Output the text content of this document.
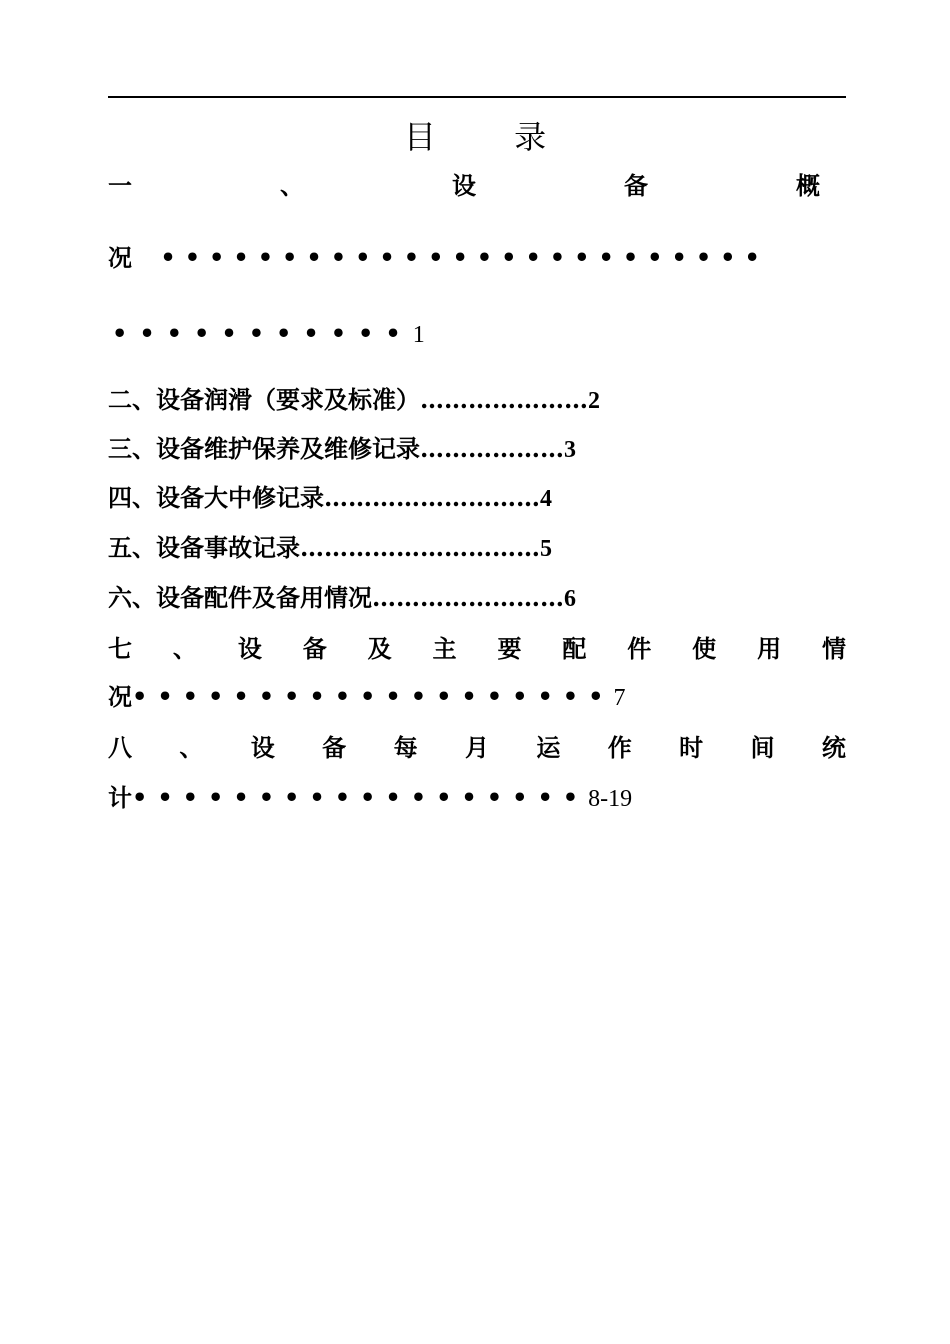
目 录
一	、	设	备	概
况 •••••••••••••••••••••••••
•••••••••••1
二、设备润滑（要求及标准）…………………2
三、设备维护保养及维修记录………………3
四、设备大中修记录………………………4
五、设备事故记录…………………………5
六、设备配件及备用情况……………………6
七 、 设 备 及 主 要 配 件 使 用 情
况•••••••••••••••••••7
八 、 设 备 每 月 运 作 时 间 统
计••••••••••••••••••8-19
